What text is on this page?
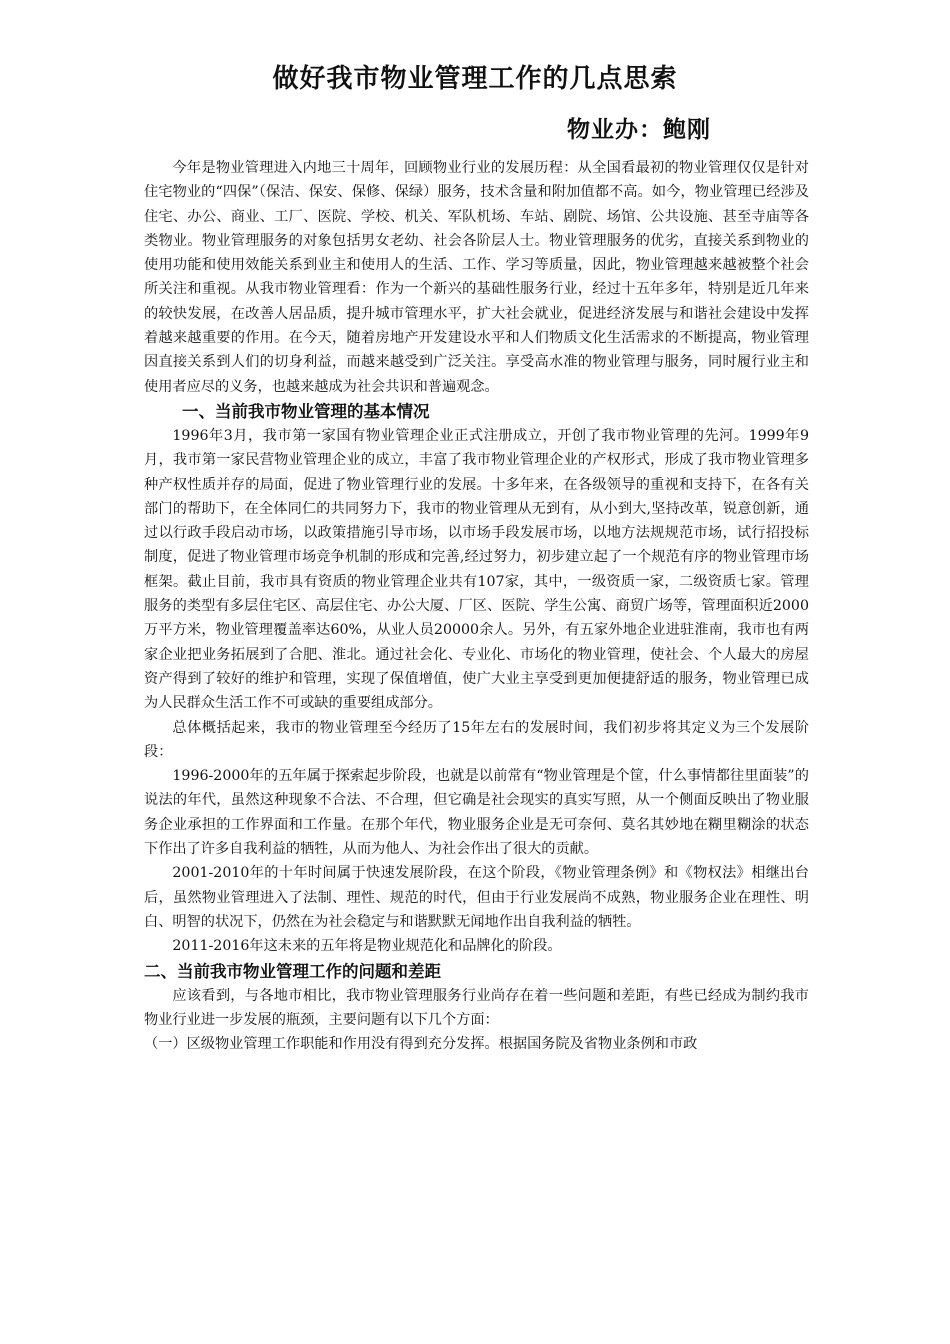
做好我市物业管理工作的几点思索
物业办：鲍刚

今年是物业管理进入内地三十周年，回顾物业行业的发展历程：从全国看最初的物业管理仅仅是针对住宅物业的“四保”（保洁、保安、保修、保绿）服务，技术含量和附加值都不高。如今，物业管理已经涉及住宅、办公、商业、工厂、医院、学校、机关、军队机场、车站、剧院、场馆、公共设施、甚至寺庙等各类物业。物业管理服务的对象包括男女老幼、社会各阶层人士。物业管理服务的优劣，直接关系到物业的使用功能和使用效能关系到业主和使用人的生活、工作、学习等质量，因此，物业管理越来越被整个社会所关注和重视。从我市物业管理看：作为一个新兴的基础性服务行业，经过十五年多年，特别是近几年来的较快发展，在改善人居品质，提升城市管理水平，扩大社会就业，促进经济发展与和谐社会建设中发挥着越来越重要的作用。在今天，随着房地产开发建设水平和人们物质文化生活需求的不断提高，物业管理因直接关系到人们的切身利益，而越来越受到广泛关注。享受高水准的物业管理与服务，同时履行业主和使用者应尽的义务，也越来越成为社会共识和普遍观念。

一、当前我市物业管理的基本情况

1996年3月，我市第一家国有物业管理企业正式注册成立，开创了我市物业管理的先河。1999年9月，我市第一家民营物业管理企业的成立，丰富了我市物业管理企业的产权形式，形成了我市物业管理多种产权性质并存的局面，促进了物业管理行业的发展。十多年来，在各级领导的重视和支持下，在各有关部门的帮助下，在全体同仁的共同努力下，我市的物业管理从无到有，从小到大,坚持改革，锐意创新，通过以行政手段启动市场，以政策措施引导市场，以市场手段发展市场，以地方法规规范市场，试行招投标制度，促进了物业管理市场竞争机制的形成和完善,经过努力，初步建立起了一个规范有序的物业管理市场框架。截止目前，我市具有资质的物业管理企业共有107家，其中，一级资质一家，二级资质七家。管理服务的类型有多层住宅区、高层住宅、办公大厦、厂区、医院、学生公寓、商贸广场等，管理面积近2000万平方米，物业管理覆盖率达60%，从业人员20000余人。另外，有五家外地企业进驻淮南，我市也有两家企业把业务拓展到了合肥、淮北。通过社会化、专业化、市场化的物业管理，使社会、个人最大的房屋资产得到了较好的维护和管理，实现了保值增值，使广大业主享受到更加便捷舒适的服务，物业管理已成为人民群众生活工作不可或缺的重要组成部分。

总体概括起来，我市的物业管理至今经历了15年左右的发展时间，我们初步将其定义为三个发展阶段：

1996-2000年的五年属于探索起步阶段，也就是以前常有“物业管理是个筐，什么事情都往里面装”的说法的年代，虽然这种现象不合法、不合理，但它确是社会现实的真实写照，从一个侧面反映出了物业服务企业承担的工作界面和工作量。在那个年代，物业服务企业是无可奈何、莫名其妙地在糊里糊涂的状态下作出了许多自我利益的牺牲，从而为他人、为社会作出了很大的贡献。

2001-2010年的十年时间属于快速发展阶段，在这个阶段，《物业管理条例》和《物权法》相继出台后，虽然物业管理进入了法制、理性、规范的时代，但由于行业发展尚不成熟，物业服务企业在理性、明白、明智的状况下，仍然在为社会稳定与和谐默默无闻地作出自我利益的牺牲。

2011-2016年这未来的五年将是物业规范化和品牌化的阶段。

二、当前我市物业管理工作的问题和差距

应该看到，与各地市相比，我市物业管理服务行业尚存在着一些问题和差距，有些已经成为制约我市物业行业进一步发展的瓶颈，主要问题有以下几个方面：

（一）区级物业管理工作职能和作用没有得到充分发挥。根据国务院及省物业条例和市政
